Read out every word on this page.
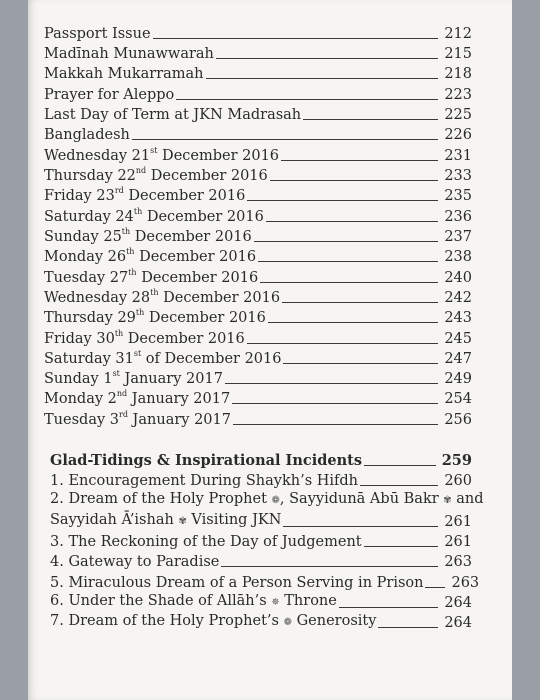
Passport Issue	212
Madīnah Munawwarah	215
Makkah Mukarramah	218
Prayer for Aleppo	223
Last Day of Term at JKN Madrasah	225
Bangladesh	226
Wednesday 21st December 2016	231
Thursday 22nd December 2016	233
Friday 23rd December 2016	235
Saturday 24th December 2016	236
Sunday 25th December 2016	237
Monday 26th December 2016	238
Tuesday 27th December 2016	240
Wednesday 28th December 2016	242
Thursday 29th December 2016	243
Friday 30th December 2016	245
Saturday 31st of December 2016	247
Sunday 1st January 2017	249
Monday 2nd January 2017	254
Tuesday 3rd January 2017	256
Glad-Tidings & Inspirational Incidents	259
1. Encouragement During Shaykh’s Hifdh	260
2. Dream of the Holy Prophet ❁, Sayyidunā Abū Bakr ✾ and
Sayyidah Ā’ishah ✾ Visiting JKN	261
3. The Reckoning of the Day of Judgement	261
4. Gateway to Paradise	263
5. Miraculous Dream of a Person Serving in Prison 263
6. Under the Shade of Allāh’s ✵ Throne	264
7. Dream of the Holy Prophet’s ❁ Generosity	264
